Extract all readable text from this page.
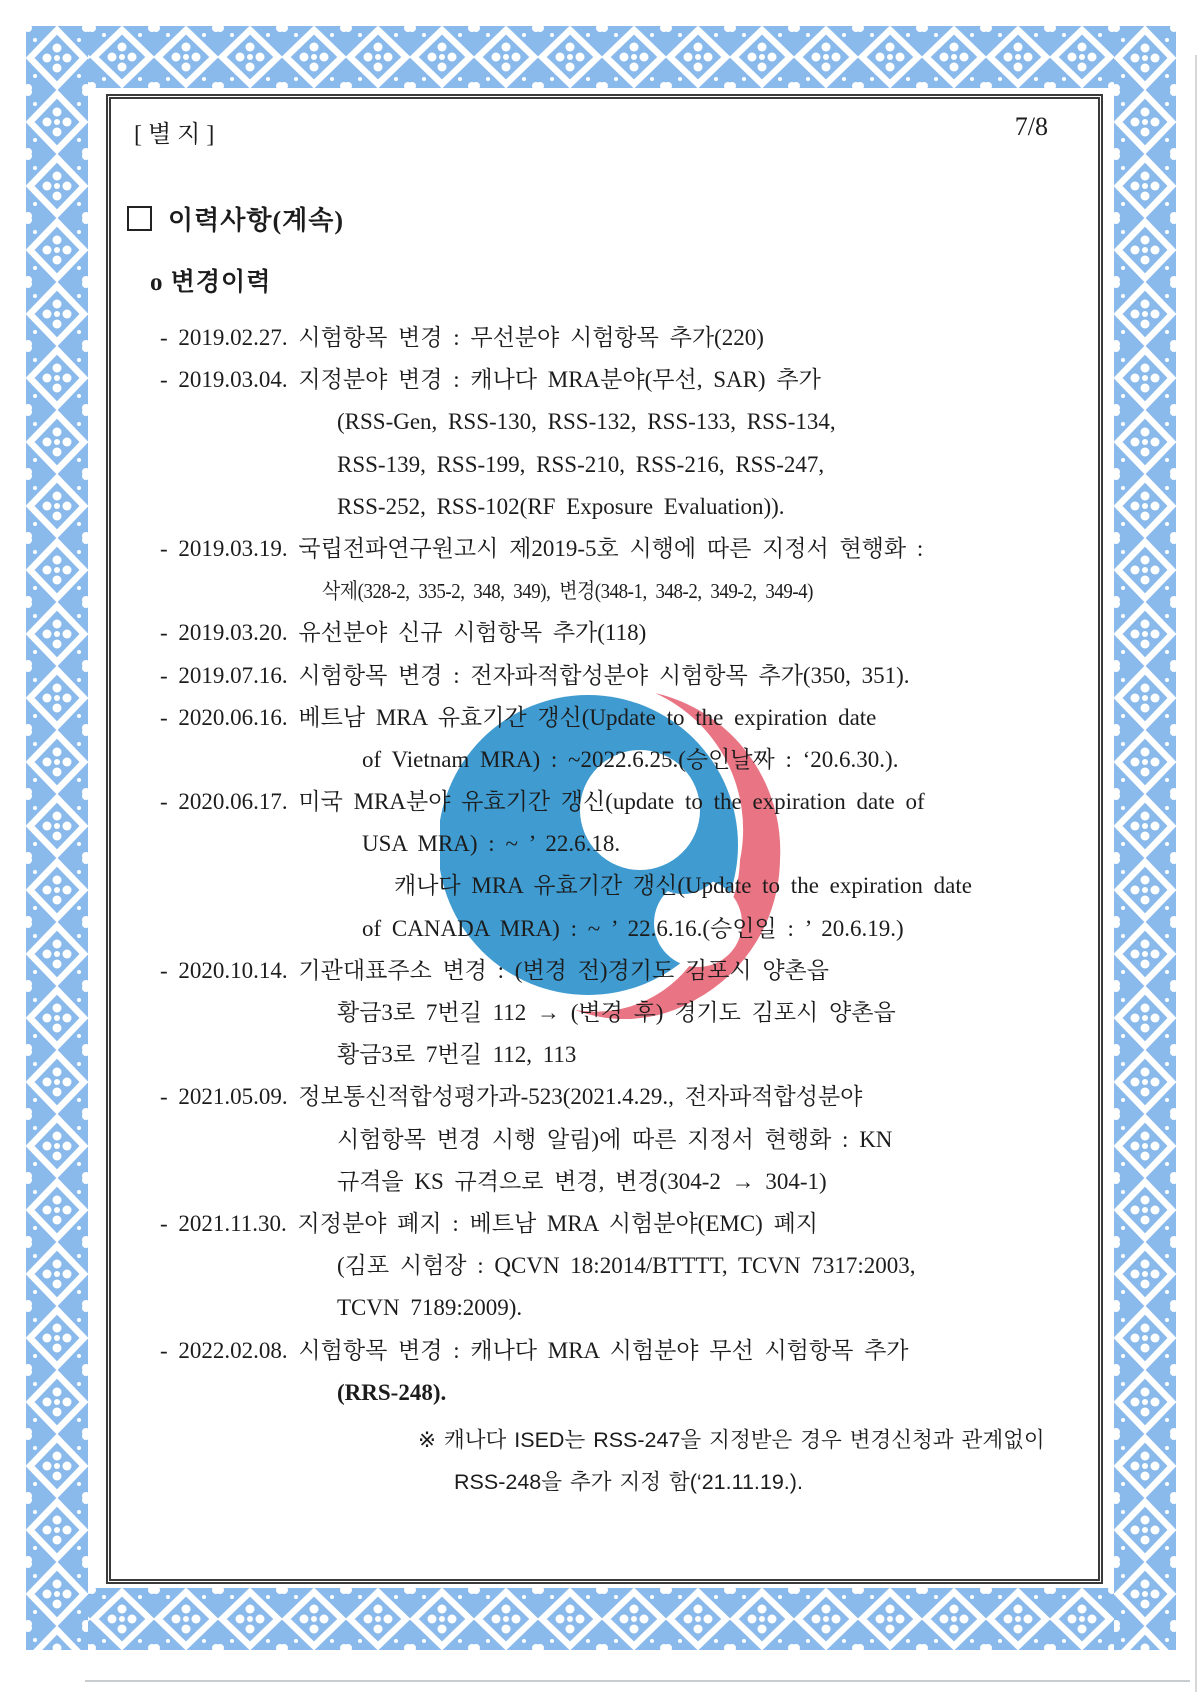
[별지]	7/8
이력사항(계속)
o 변경이력
- 2019.02.27. 시험항목 변경 : 무선분야 시험항목 추가(220)
- 2019.03.04. 지정분야 변경 : 캐나다 MRA분야(무선, SAR) 추가
(RSS-Gen, RSS-130, RSS-132, RSS-133, RSS-134,
RSS-139, RSS-199, RSS-210, RSS-216, RSS-247,
RSS-252, RSS-102(RF Exposure Evaluation)).
- 2019.03.19. 국립전파연구원고시 제2019-5호 시행에 따른 지정서 현행화 :
삭제(328-2, 335-2, 348, 349), 변경(348-1, 348-2, 349-2, 349-4)
- 2019.03.20. 유선분야 신규 시험항목 추가(118)
- 2019.07.16. 시험항목 변경 : 전자파적합성분야 시험항목 추가(350, 351).
- 2020.06.16. 베트남 MRA 유효기간 갱신(Update to the expiration date
of Vietnam MRA) : ~2022.6.25.(승인날짜 : ‘20.6.30.).
- 2020.06.17. 미국 MRA분야 유효기간 갱신(update to the expiration date of
USA MRA) : ~ ’ 22.6.18.
캐나다 MRA 유효기간 갱신(Update to the expiration date
of CANADA MRA) : ~ ’ 22.6.16.(승인일 : ’ 20.6.19.)
- 2020.10.14. 기관대표주소 변경 : (변경 전)경기도 김포시 양촌읍
황금3로 7번길 112 → (변경 후) 경기도 김포시 양촌읍
황금3로 7번길 112, 113
- 2021.05.09. 정보통신적합성평가과-523(2021.4.29., 전자파적합성분야
시험항목 변경 시행 알림)에 따른 지정서 현행화 : KN
규격을 KS 규격으로 변경, 변경(304-2 → 304-1)
- 2021.11.30. 지정분야 폐지 : 베트남 MRA 시험분야(EMC) 폐지
(김포 시험장 : QCVN 18:2014/BTTTT, TCVN 7317:2003,
TCVN 7189:2009).
- 2022.02.08. 시험항목 변경 : 캐나다 MRA 시험분야 무선 시험항목 추가
(RRS-248).
※ 캐나다 ISED는 RSS-247을 지정받은 경우 변경신청과 관계없이
RSS-248을 추가 지정 함(‘21.11.19.).
